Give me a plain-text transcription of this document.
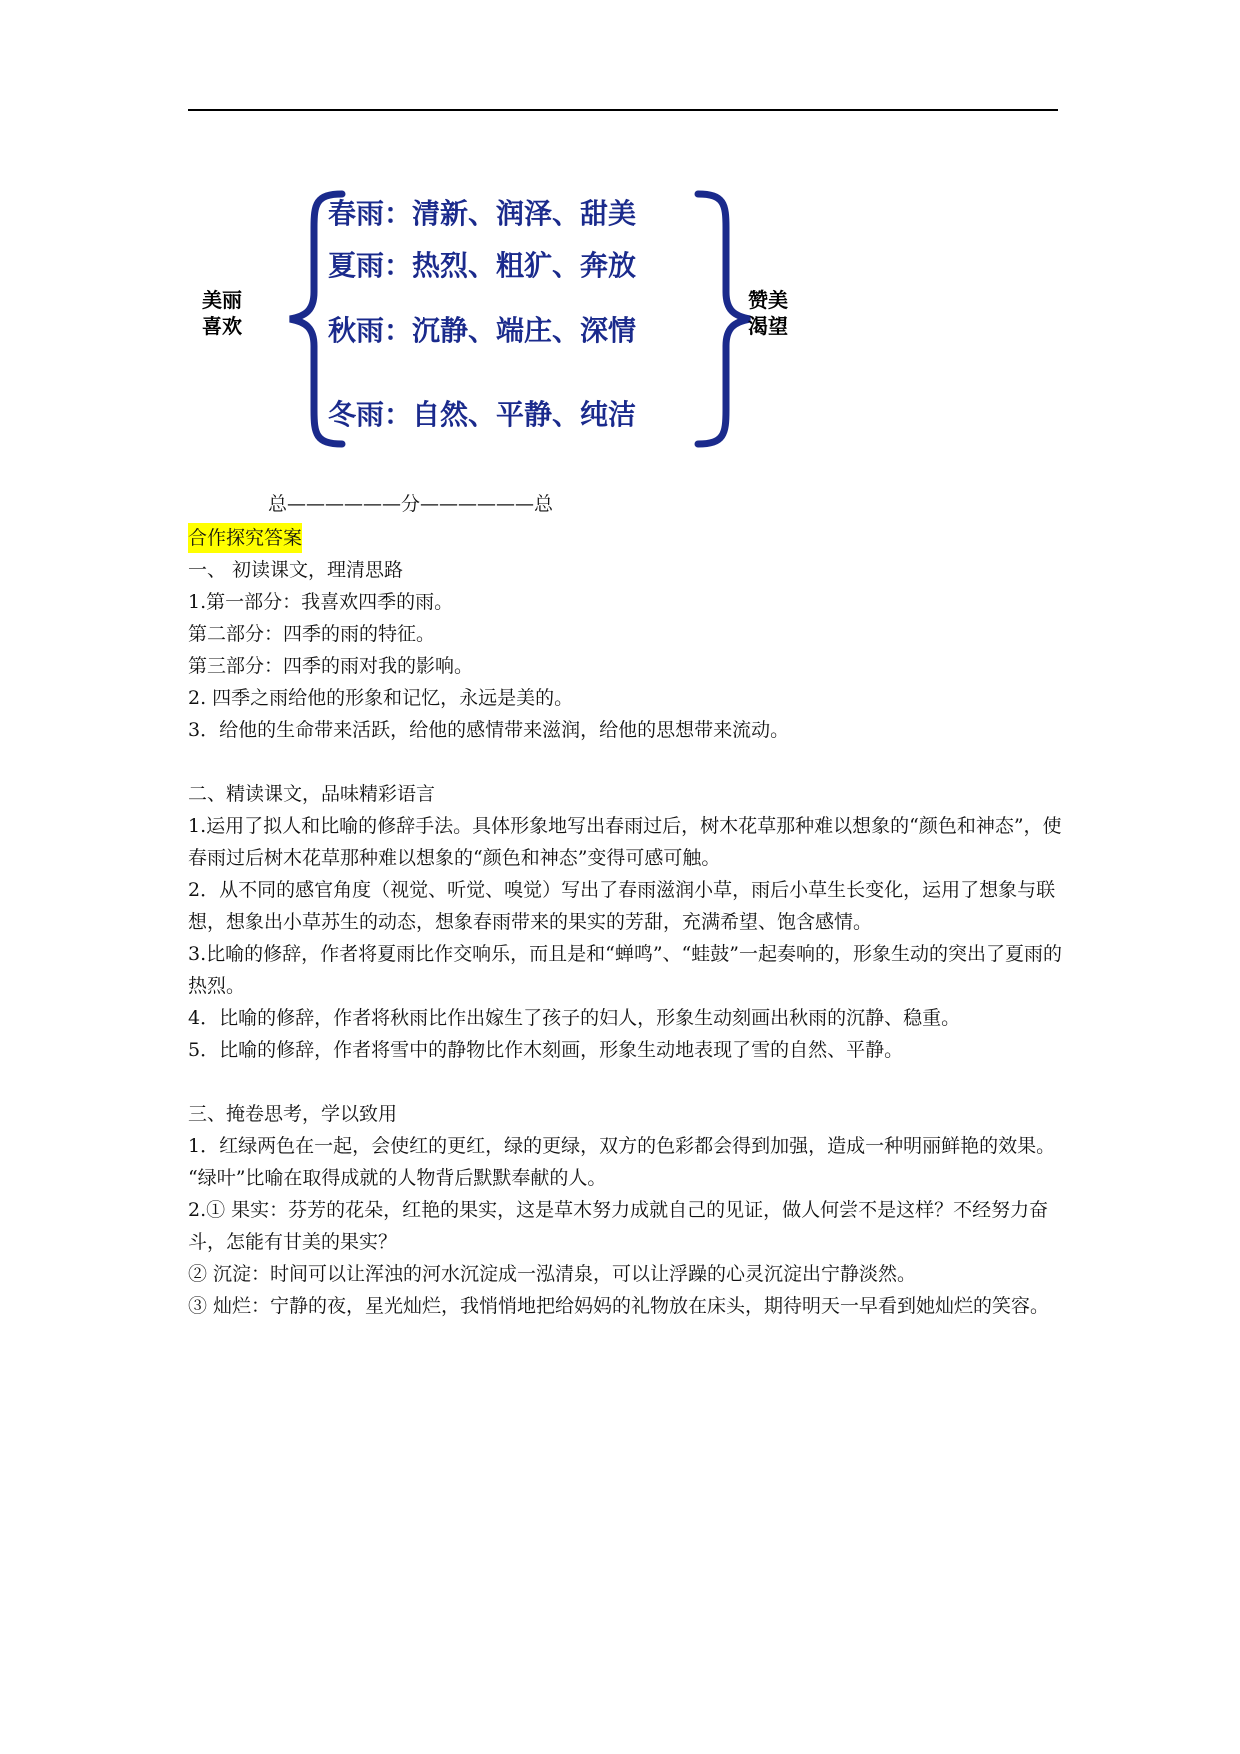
美丽
喜欢
春雨：清新、润泽、甜美
夏雨：热烈、粗犷、奔放
秋雨：沉静、端庄、深情
冬雨：自然、平静、纯洁
赞美
渴望
总——————分——————总

合作探究答案

一、 初读课文，理清思路

1.第一部分：我喜欢四季的雨。

第二部分：四季的雨的特征。

第三部分：四季的雨对我的影响。

2. 四季之雨给他的形象和记忆，永远是美的。

3．给他的生命带来活跃，给他的感情带来滋润，给他的思想带来流动。

二、精读课文，品味精彩语言

1.运用了拟人和比喻的修辞手法。具体形象地写出春雨过后，树木花草那种难以想象的“颜色和神态”，使春雨过后树木花草那种难以想象的“颜色和神态”变得可感可触。

2．从不同的感官角度（视觉、听觉、嗅觉）写出了春雨滋润小草，雨后小草生长变化，运用了想象与联想，想象出小草苏生的动态，想象春雨带来的果实的芳甜，充满希望、饱含感情。

3.比喻的修辞，作者将夏雨比作交响乐，而且是和“蝉鸣”、“蛙鼓”一起奏响的，形象生动的突出了夏雨的热烈。

4．比喻的修辞，作者将秋雨比作出嫁生了孩子的妇人，形象生动刻画出秋雨的沉静、稳重。

5．比喻的修辞，作者将雪中的静物比作木刻画，形象生动地表现了雪的自然、平静。

三、掩卷思考，学以致用

1．红绿两色在一起，会使红的更红，绿的更绿，双方的色彩都会得到加强，造成一种明丽鲜艳的效果。 “绿叶”比喻在取得成就的人物背后默默奉献的人。

2.① 果实：芬芳的花朵，红艳的果实，这是草木努力成就自己的见证，做人何尝不是这样？不经努力奋斗，怎能有甘美的果实？

② 沉淀：时间可以让浑浊的河水沉淀成一泓清泉，可以让浮躁的心灵沉淀出宁静淡然。

③ 灿烂：宁静的夜，星光灿烂，我悄悄地把给妈妈的礼物放在床头，期待明天一早看到她灿烂的笑容。
